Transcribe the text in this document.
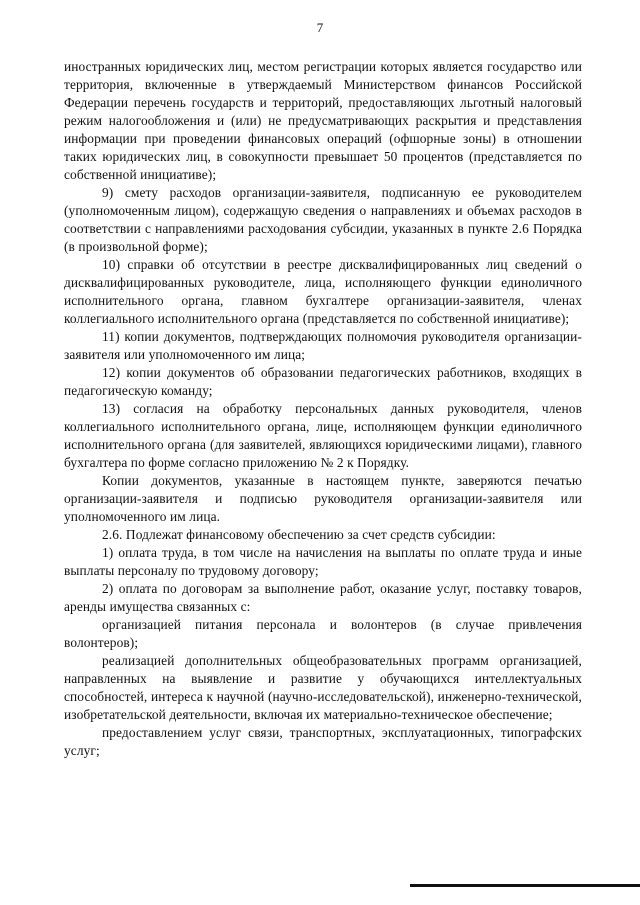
7

иностранных юридических лиц, местом регистрации которых является государство или территория, включенные в утверждаемый Министерством финансов Российской Федерации перечень государств и территорий, предоставляющих льготный налоговый режим налогообложения и (или) не предусматривающих раскрытия и представления информации при проведении финансовых операций (офшорные зоны) в отношении таких юридических лиц, в совокупности превышает 50 процентов (представляется по собственной инициативе);

9) смету расходов организации-заявителя, подписанную ее руководителем (уполномоченным лицом), содержащую сведения о направлениях и объемах расходов в соответствии с направлениями расходования субсидии, указанных в пункте 2.6 Порядка (в произвольной форме);

10) справки об отсутствии в реестре дисквалифицированных лиц сведений о дисквалифицированных руководителе, лица, исполняющего функции единоличного исполнительного органа, главном бухгалтере организации-заявителя, членах коллегиального исполнительного органа (представляется по собственной инициативе);

11) копии документов, подтверждающих полномочия руководителя организации-заявителя или уполномоченного им лица;

12) копии документов об образовании педагогических работников, входящих в педагогическую команду;

13) согласия на обработку персональных данных руководителя, членов коллегиального исполнительного органа, лице, исполняющем функции единоличного исполнительного органа (для заявителей, являющихся юридическими лицами), главного бухгалтера по форме согласно приложению № 2 к Порядку.

Копии документов, указанные в настоящем пункте, заверяются печатью организации-заявителя и подписью руководителя организации-заявителя или уполномоченного им лица.

2.6. Подлежат финансовому обеспечению за счет средств субсидии:

1) оплата труда, в том числе на начисления на выплаты по оплате труда и иные выплаты персоналу по трудовому договору;

2) оплата по договорам за выполнение работ, оказание услуг, поставку товаров, аренды имущества связанных с:

организацией питания персонала и волонтеров (в случае привлечения волонтеров);

реализацией дополнительных общеобразовательных программ организацией, направленных на выявление и развитие у обучающихся интеллектуальных способностей, интереса к научной (научно-исследовательской), инженерно-технической, изобретательской деятельности, включая их материально-техническое обеспечение;

предоставлением услуг связи, транспортных, эксплуатационных, типографских услуг;
